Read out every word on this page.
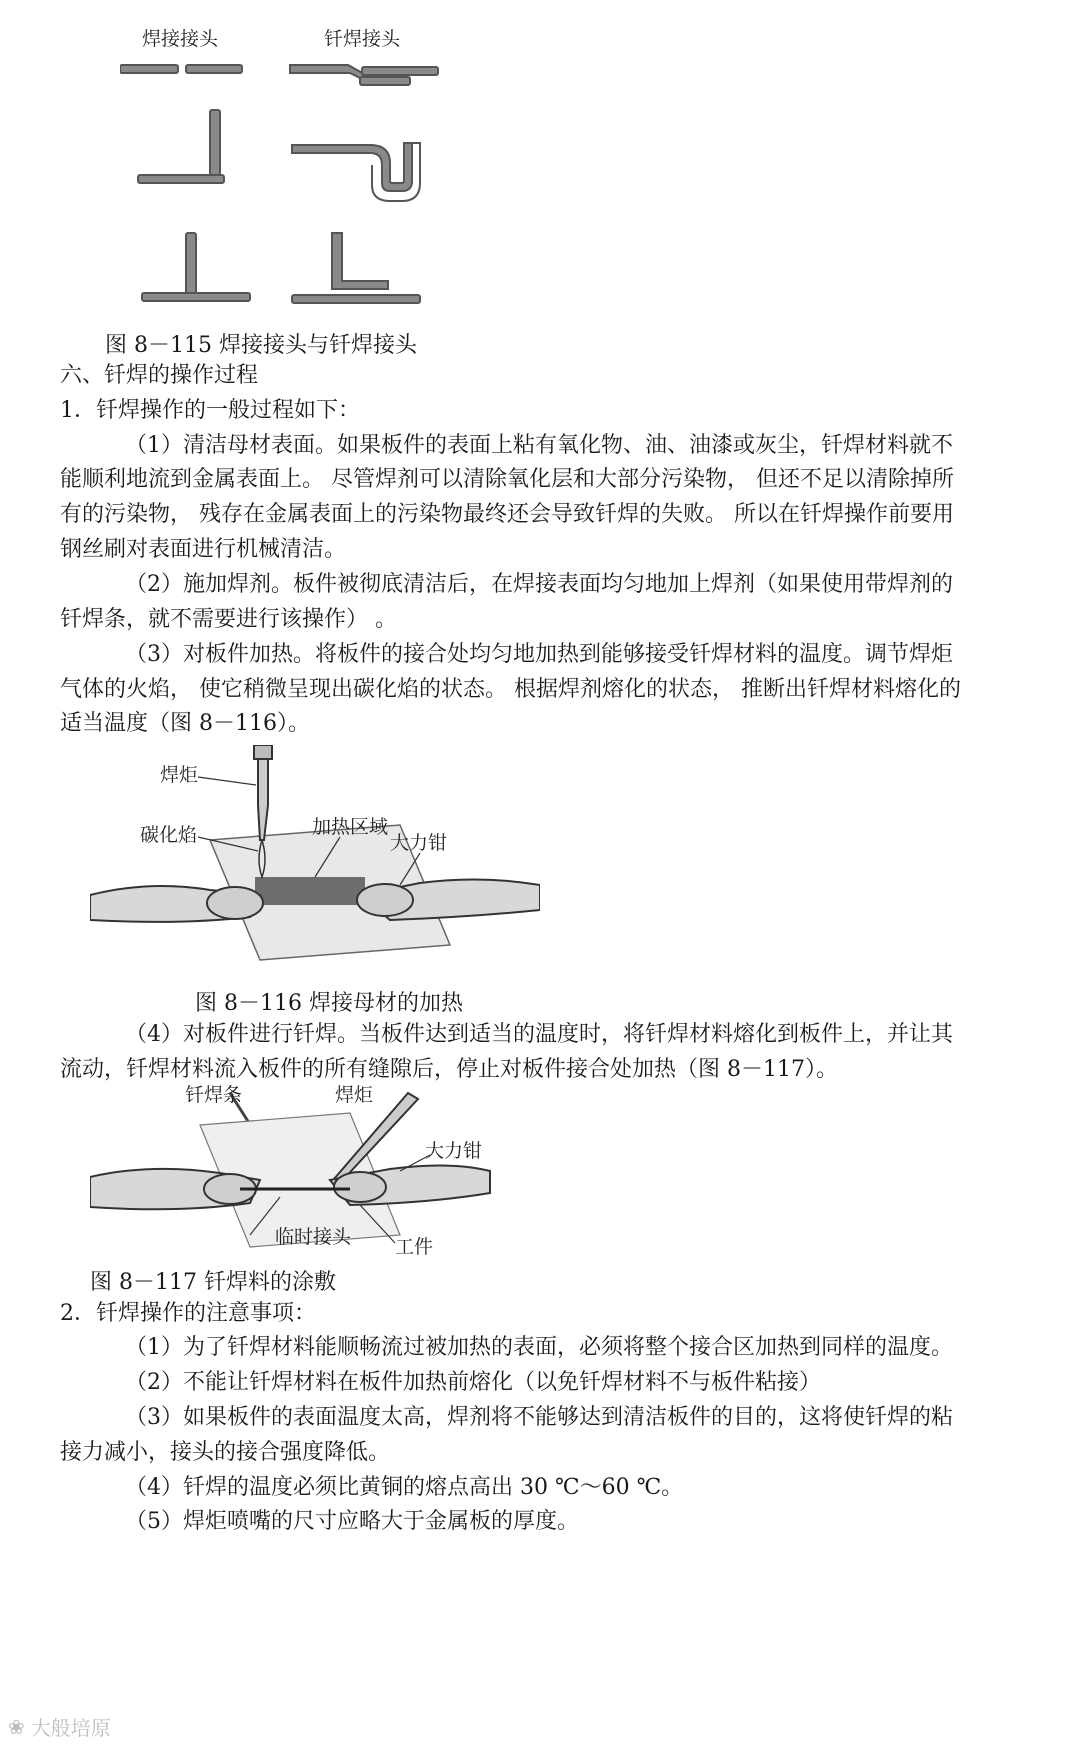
焊接接头	钎焊接头
图 8－115 焊接接头与钎焊接头
六、钎焊的操作过程
1．钎焊操作的一般过程如下：
（1）清洁母材表面。如果板件的表面上粘有氧化物、油、油漆或灰尘，钎焊材料就不
能顺利地流到金属表面上。 尽管焊剂可以清除氧化层和大部分污染物， 但还不足以清除掉所
有的污染物， 残存在金属表面上的污染物最终还会导致钎焊的失败。 所以在钎焊操作前要用
钢丝刷对表面进行机械清洁。
（2）施加焊剂。板件被彻底清洁后，在焊接表面均匀地加上焊剂（如果使用带焊剂的
钎焊条，就不需要进行该操作） 。
（3）对板件加热。将板件的接合处均匀地加热到能够接受钎焊材料的温度。调节焊炬
气体的火焰， 使它稍微呈现出碳化焰的状态。 根据焊剂熔化的状态， 推断出钎焊材料熔化的
适当温度（图 8－116）。
焊炬
碳化焰	加热区域
大力钳
图 8－116 焊接母材的加热
（4）对板件进行钎焊。当板件达到适当的温度时，将钎焊材料熔化到板件上，并让其
流动，钎焊材料流入板件的所有缝隙后，停止对板件接合处加热（图 8－117）。
钎焊条	焊炬
大力钳
临时接头 工件
图 8－117 钎焊料的涂敷
2．钎焊操作的注意事项：
（1）为了钎焊材料能顺畅流过被加热的表面，必须将整个接合区加热到同样的温度。
（2）不能让钎焊材料在板件加热前熔化（以免钎焊材料不与板件粘接）
（3）如果板件的表面温度太高，焊剂将不能够达到清洁板件的目的，这将使钎焊的粘
接力减小，接头的接合强度降低。
（4）钎焊的温度必须比黄铜的熔点高出 30 ℃～60 ℃。
（5）焊炬喷嘴的尺寸应略大于金属板的厚度。
❀ 大般培原
